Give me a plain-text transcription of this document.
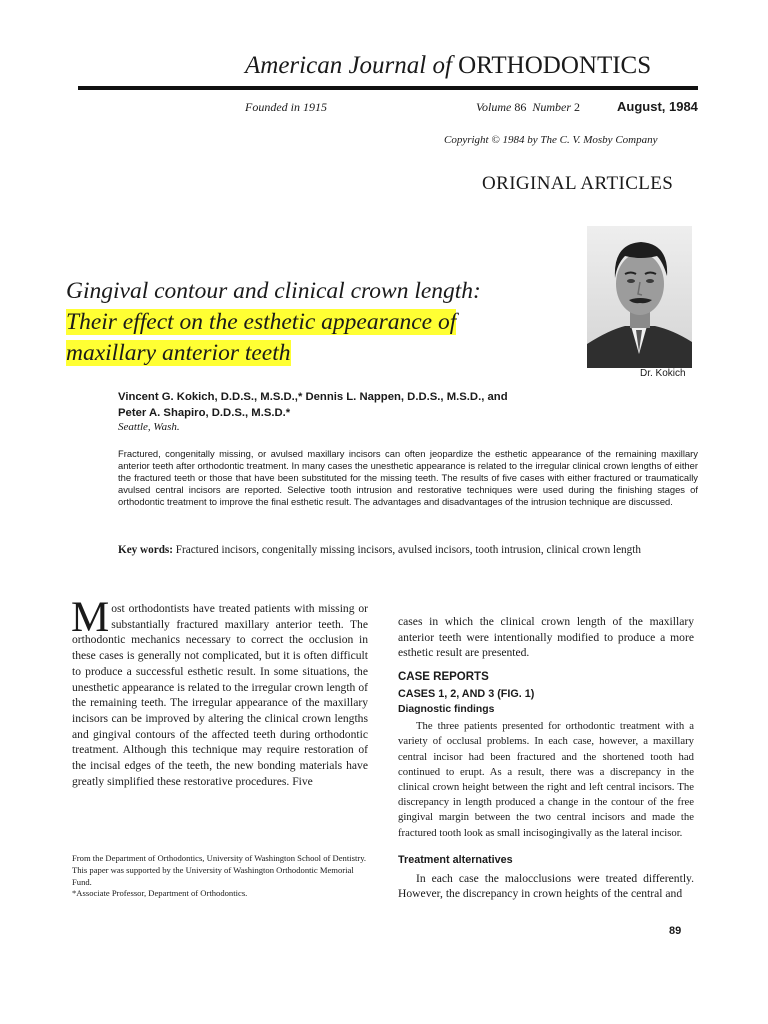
American Journal of ORTHODONTICS
Founded in 1915	Volume 86 Number 2	August, 1984
Copyright © 1984 by The C. V. Mosby Company
ORIGINAL ARTICLES
Dr. Kokich
Gingival contour and clinical crown length:
Their effect on the esthetic appearance of
maxillary anterior teeth
Vincent G. Kokich, D.D.S., M.S.D.,* Dennis L. Nappen, D.D.S., M.S.D., and
Peter A. Shapiro, D.D.S., M.S.D.*
Seattle, Wash.
Fractured, congenitally missing, or avulsed maxillary incisors can often jeopardize the esthetic appearance of the remaining maxillary anterior teeth after orthodontic treatment. In many cases the unesthetic appearance is related to the irregular clinical crown lengths of either the fractured teeth or those that have been substituted for the missing teeth. The results of five cases with either fractured or traumatically avulsed central incisors are reported. Selective tooth intrusion and restorative techniques were used during the finishing stages of orthodontic treatment to improve the final esthetic result. The advantages and disadvantages of the intrusion technique are discussed.
Key words: Fractured incisors, congenitally missing incisors, avulsed incisors, tooth intrusion, clinical crown length

Most orthodontists have treated patients with missing or substantially fractured maxillary anterior teeth. The orthodontic mechanics necessary to correct the occlusion in these cases is generally not complicated, but it is often difficult to produce a successful esthetic result. In some situations, the unesthetic appearance is related to the irregular crown length of the remaining teeth. The irregular appearance of the maxillary incisors can be improved by altering the clinical crown lengths and gingival contours of the affected teeth during orthodontic treatment. Although this technique may require restoration of the incisal edges of the teeth, the new bonding materials have greatly simplified these restorative procedures. Five

cases in which the clinical crown length of the maxillary anterior teeth were intentionally modified to produce a more esthetic result are presented.

CASE REPORTS
CASES 1, 2, AND 3 (FIG. 1)
Diagnostic findings

The three patients presented for orthodontic treatment with a variety of occlusal problems. In each case, however, a maxillary central incisor had been fractured and the shortened tooth had continued to erupt. As a result, there was a discrepancy in the clinical crown height between the right and left central incisors. The discrepancy in length produced a change in the contour of the free gingival margin between the two central incisors and made the fractured tooth look as small incisogingivally as the lateral incisor.

Treatment alternatives

In each case the malocclusions were treated differently. However, the discrepancy in crown heights of the central and

From the Department of Orthodontics, University of Washington School of Dentistry.

This paper was supported by the University of Washington Orthodontic Memorial Fund.

*Associate Professor, Department of Orthodontics.

89
